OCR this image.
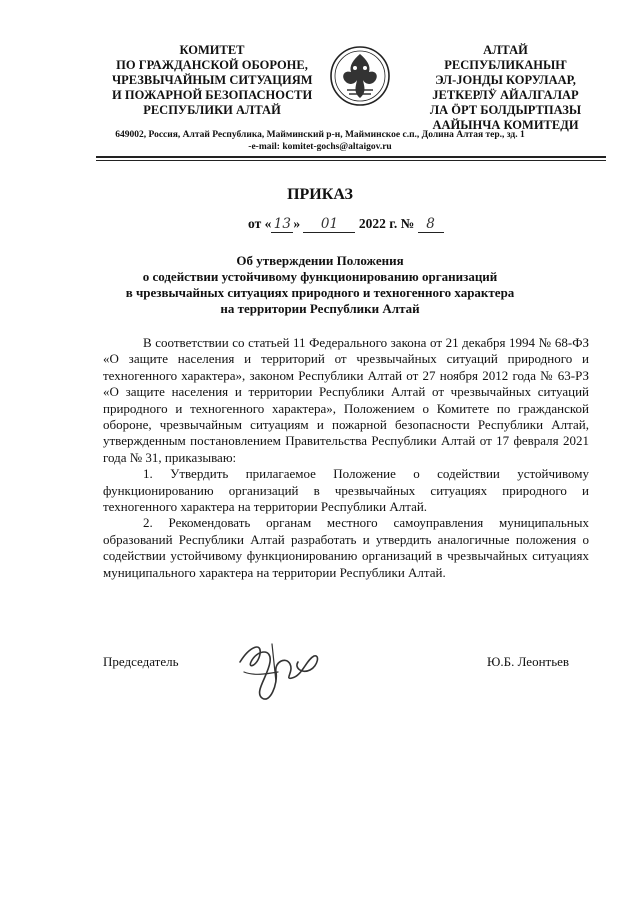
КОМИТЕТ
ПО ГРАЖДАНСКОЙ ОБОРОНЕ,
ЧРЕЗВЫЧАЙНЫМ СИТУАЦИЯМ
И ПОЖАРНОЙ БЕЗОПАСНОСТИ
РЕСПУБЛИКИ АЛТАЙ
АЛТАЙ
РЕСПУБЛИКАНЫҤ
ЭЛ-ЈОНДЫ КОРУЛААР,
ЈЕТКЕРЛӰ АЙАЛГАЛАР
ЛА ӦРТ БОЛДЫРТПАЗЫ
ААЙЫНЧА КОМИТЕДИ
649002, Россия, Алтай Республика, Майминский р-н, Майминское с.п., Долина Алтая тер., зд. 1
-e-mail: komitet-gochs@altaigov.ru
ПРИКАЗ
от « 13 » 01 2022 г. № 8
Об утверждении Положения
о содействии устойчивому функционированию организаций
в чрезвычайных ситуациях природного и техногенного характера
на территории Республики Алтай

В соответствии со статьей 11 Федерального закона от 21 декабря 1994 № 68-ФЗ «О защите населения и территорий от чрезвычайных ситуаций природного и техногенного характера», законом Республики Алтай от 27 ноября 2012 года № 63-РЗ «О защите населения и территории Республики Алтай от чрезвычайных ситуаций природного и техногенного характера», Положением о Комитете по гражданской обороне, чрезвычайным ситуациям и пожарной безопасности Республики Алтай, утвержденным постановлением Правительства Республики Алтай от 17 февраля 2021 года № 31, приказываю:

1. Утвердить прилагаемое Положение о содействии устойчивому функционированию организаций в чрезвычайных ситуациях природного и техногенного характера на территории Республики Алтай.

2. Рекомендовать органам местного самоуправления муниципальных образований Республики Алтай разработать и утвердить аналогичные положения о содействии устойчивому функционированию организаций в чрезвычайных ситуациях муниципального характера на территории Республики Алтай.

Председатель	Ю.Б. Леонтьев
